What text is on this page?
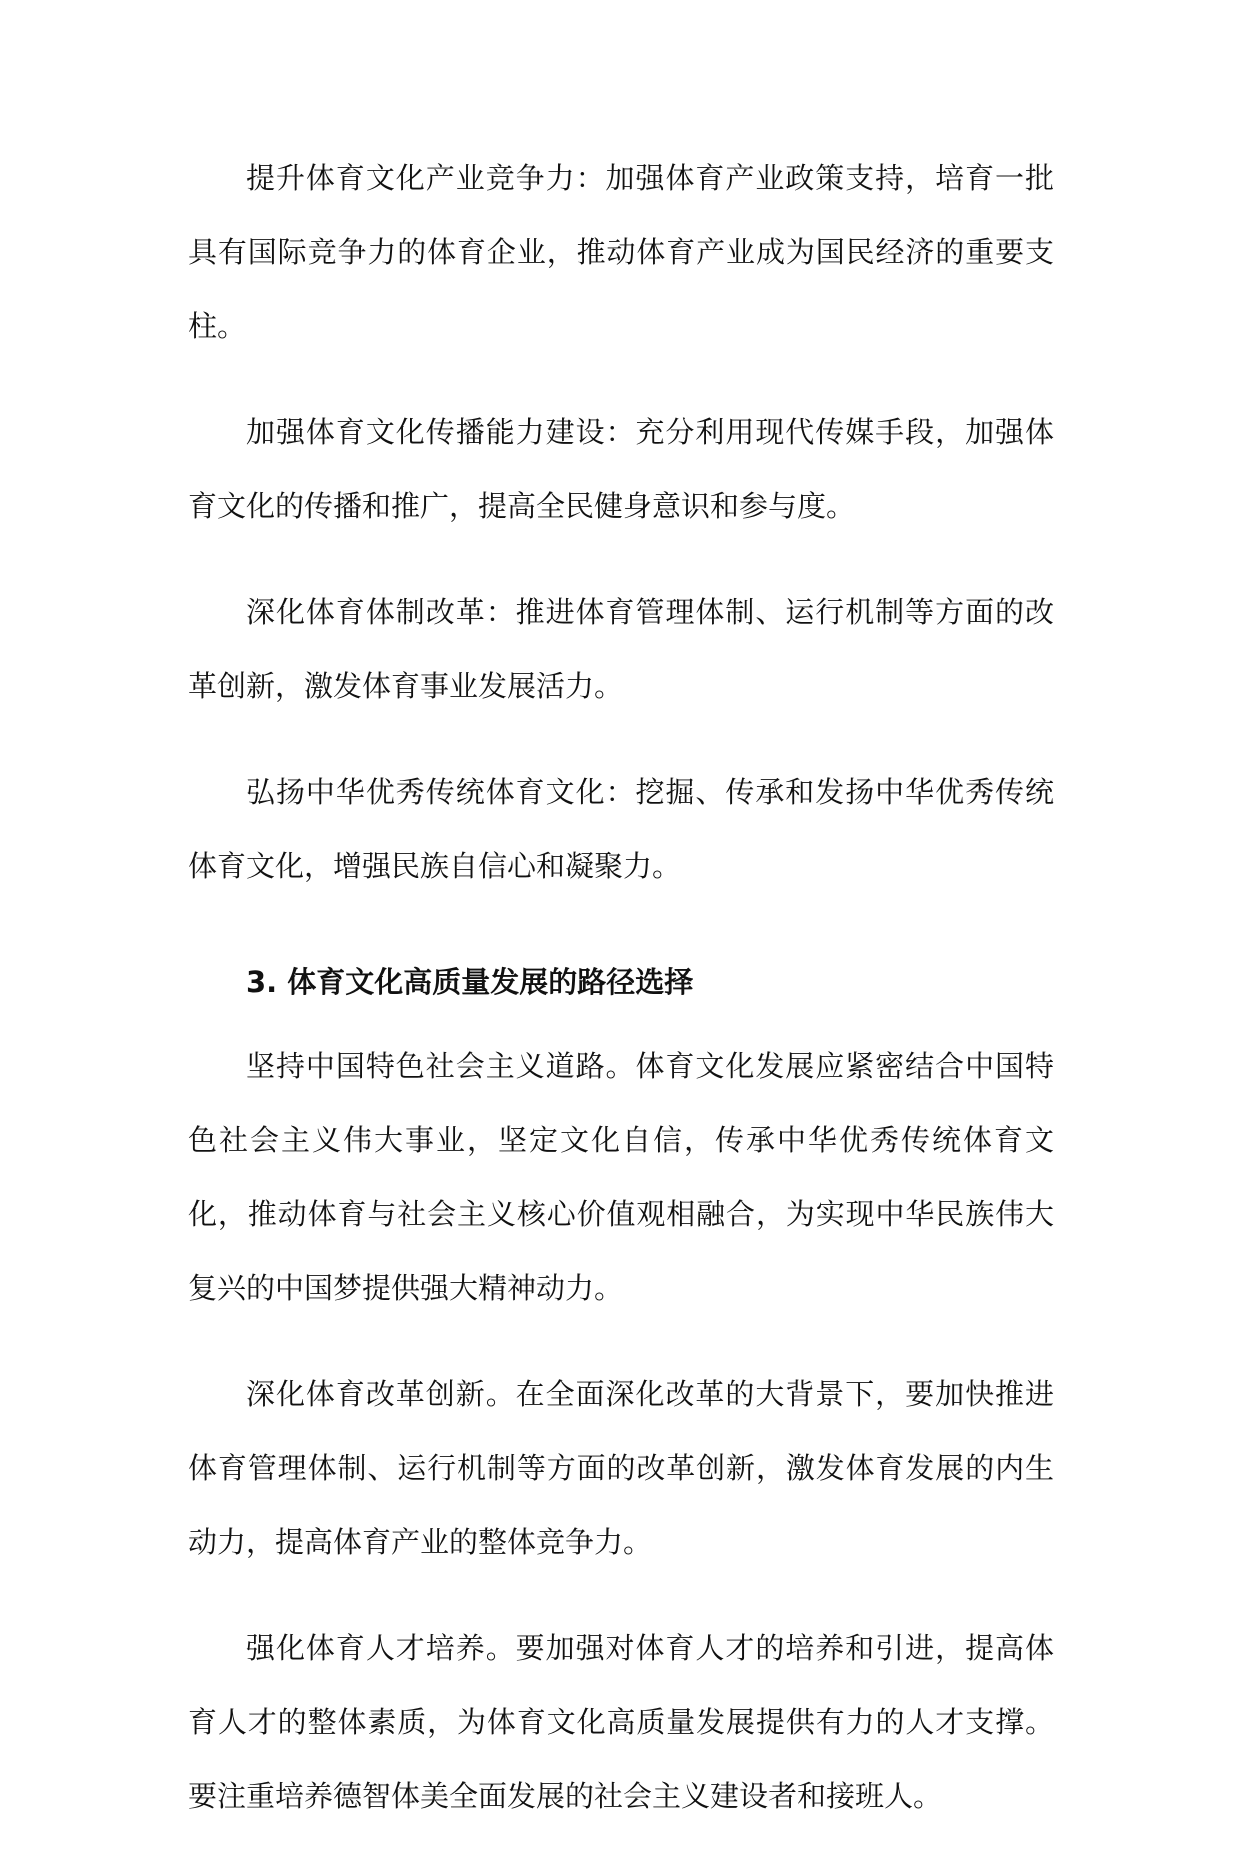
提升体育文化产业竞争力：加强体育产业政策支持，培育一批具有国际竞争力的体育企业，推动体育产业成为国民经济的重要支柱。

加强体育文化传播能力建设：充分利用现代传媒手段，加强体育文化的传播和推广，提高全民健身意识和参与度。

深化体育体制改革：推进体育管理体制、运行机制等方面的改革创新，激发体育事业发展活力。

弘扬中华优秀传统体育文化：挖掘、传承和发扬中华优秀传统体育文化，增强民族自信心和凝聚力。

3. 体育文化高质量发展的路径选择

坚持中国特色社会主义道路。体育文化发展应紧密结合中国特色社会主义伟大事业，坚定文化自信，传承中华优秀传统体育文化，推动体育与社会主义核心价值观相融合，为实现中华民族伟大复兴的中国梦提供强大精神动力。

深化体育改革创新。在全面深化改革的大背景下，要加快推进体育管理体制、运行机制等方面的改革创新，激发体育发展的内生动力，提高体育产业的整体竞争力。

强化体育人才培养。要加强对体育人才的培养和引进，提高体育人才的整体素质，为体育文化高质量发展提供有力的人才支撑。要注重培养德智体美全面发展的社会主义建设者和接班人。
